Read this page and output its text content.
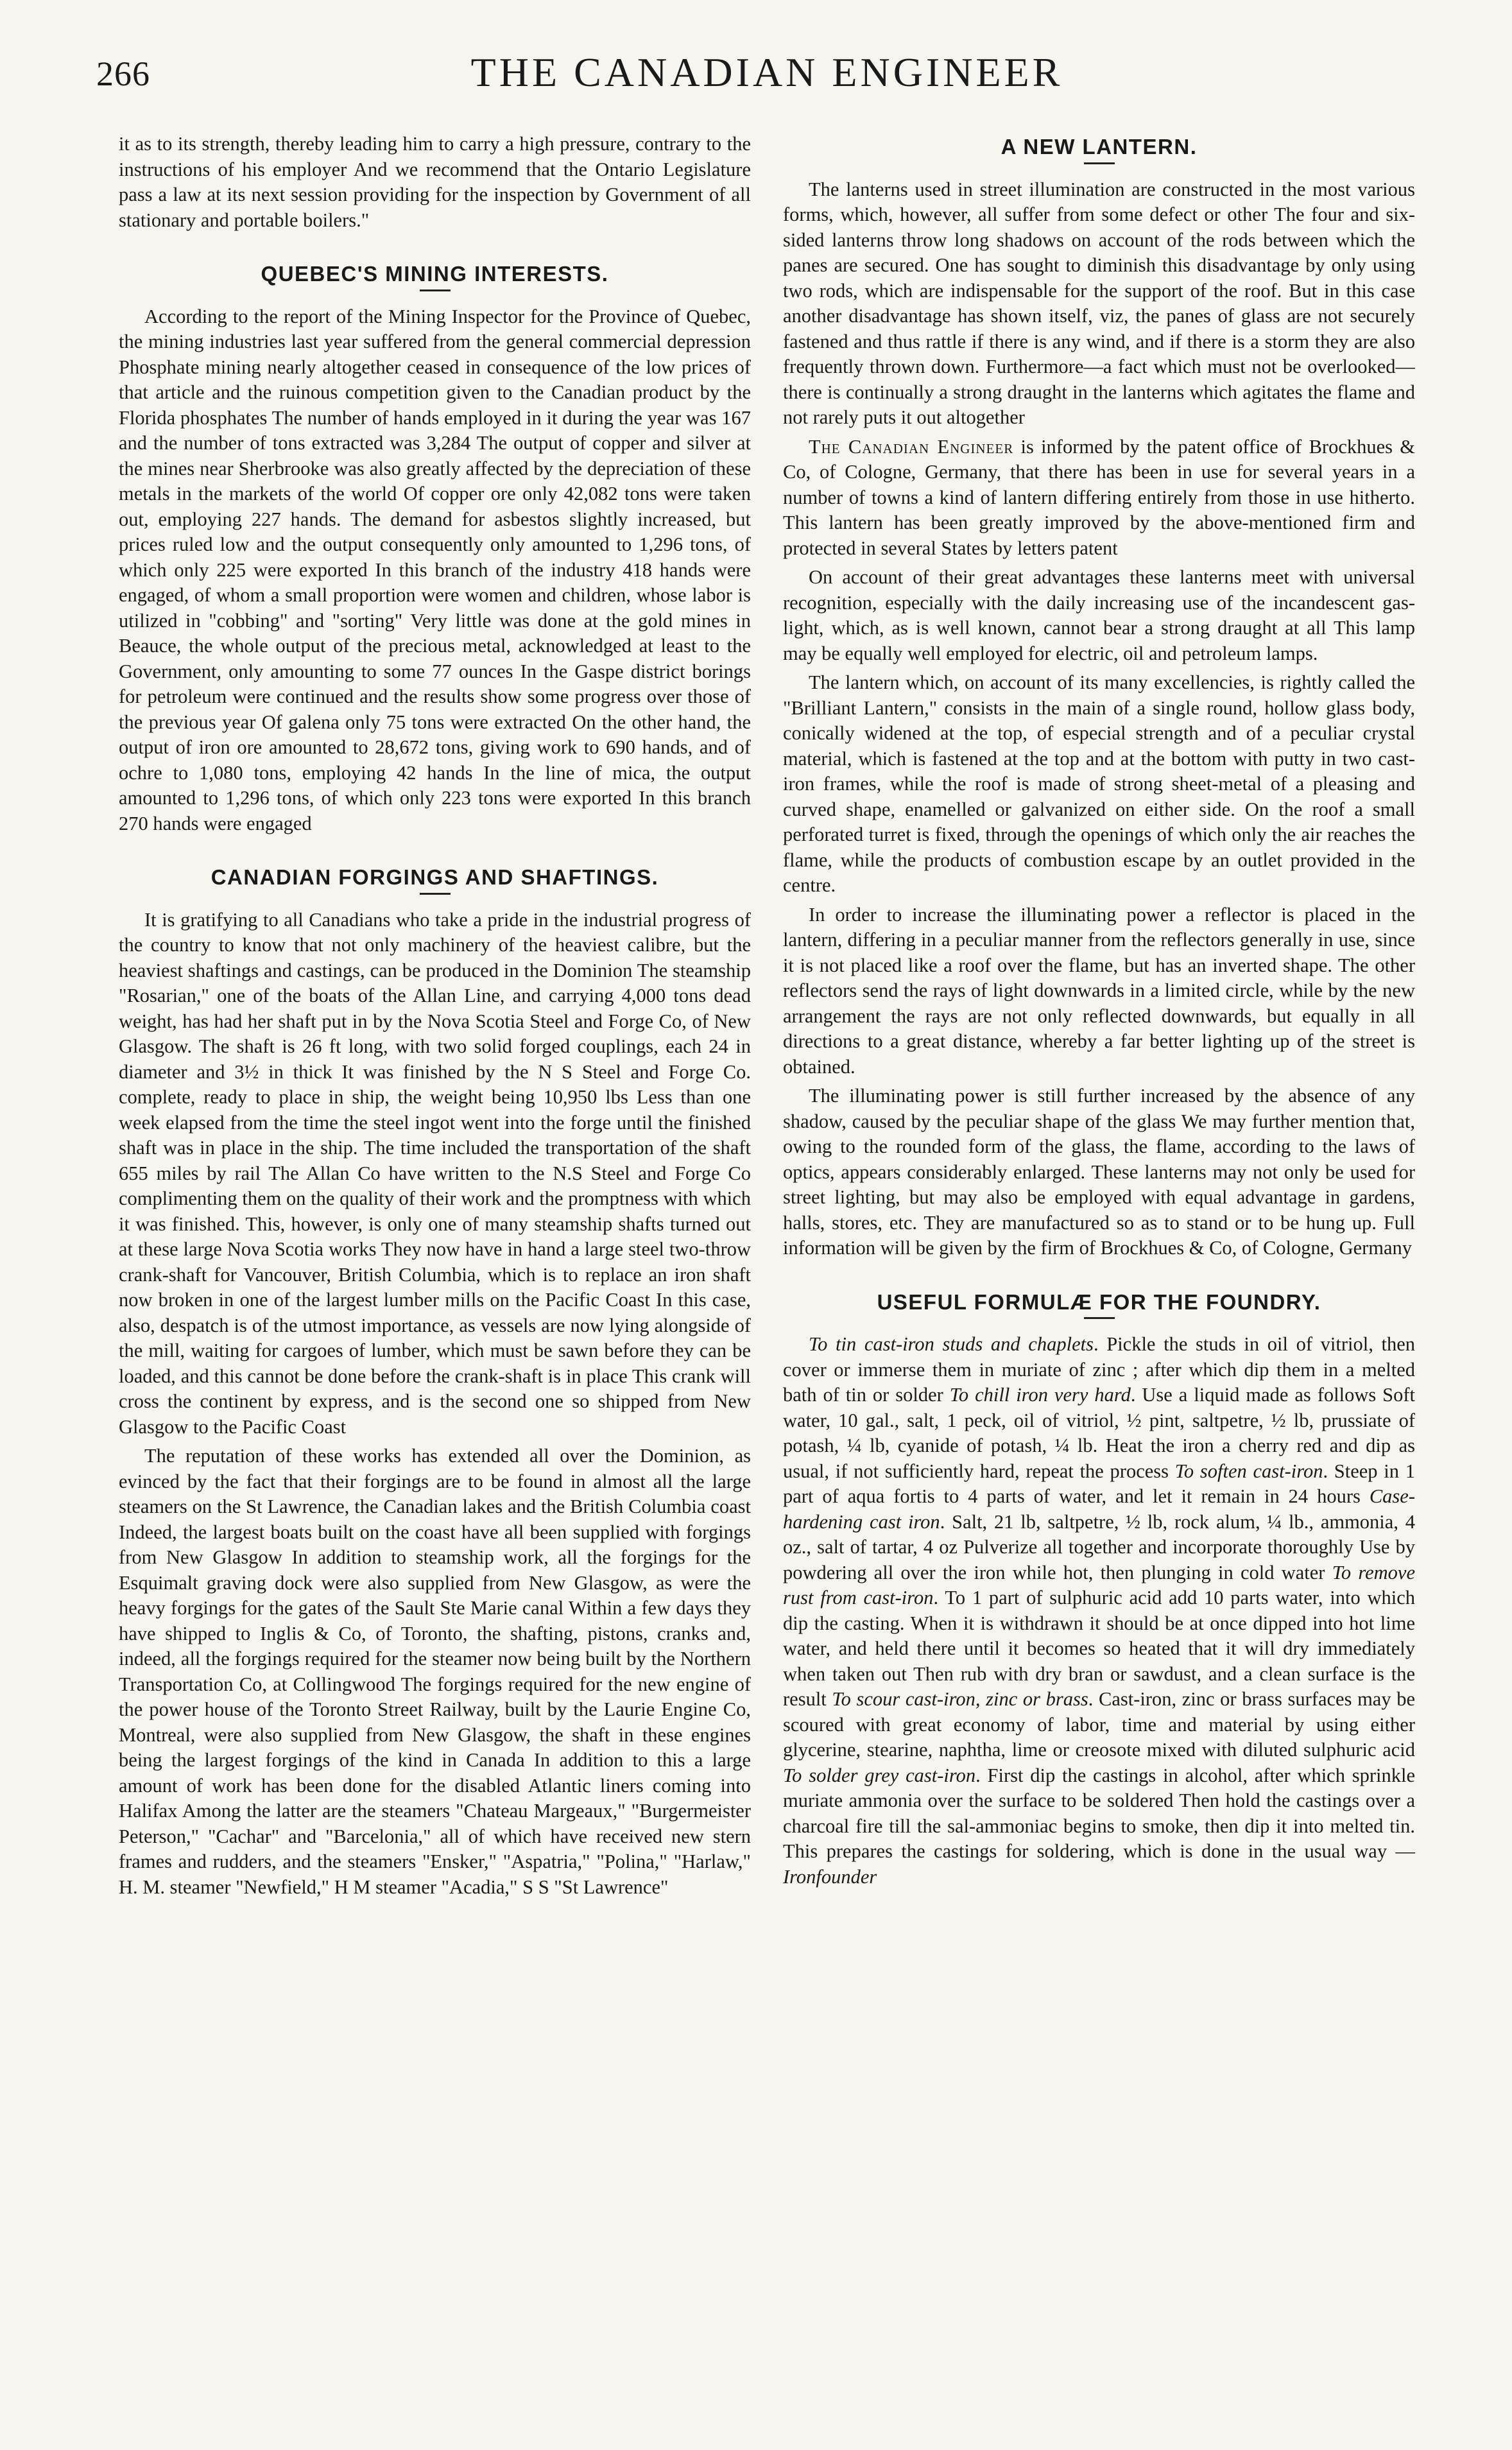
266	THE CANADIAN ENGINEER

it as to its strength, thereby leading him to carry a high pressure, contrary to the instructions of his employer And we recommend that the Ontario Legislature pass a law at its next session providing for the inspection by Government of all stationary and portable boilers."

QUEBEC'S MINING INTERESTS.

According to the report of the Mining Inspector for the Province of Quebec, the mining industries last year suffered from the general commercial depression Phosphate mining nearly altogether ceased in consequence of the low prices of that article and the ruinous competition given to the Canadian product by the Florida phosphates The number of hands employed in it during the year was 167 and the number of tons extracted was 3,284 The output of copper and silver at the mines near Sherbrooke was also greatly affected by the depreciation of these metals in the markets of the world Of copper ore only 42,082 tons were taken out, employing 227 hands. The demand for asbestos slightly increased, but prices ruled low and the output consequently only amounted to 1,296 tons, of which only 225 were exported In this branch of the industry 418 hands were engaged, of whom a small proportion were women and children, whose labor is utilized in "cobbing" and "sorting" Very little was done at the gold mines in Beauce, the whole output of the precious metal, acknowledged at least to the Government, only amounting to some 77 ounces In the Gaspe district borings for petroleum were continued and the results show some progress over those of the previous year Of galena only 75 tons were extracted On the other hand, the output of iron ore amounted to 28,672 tons, giving work to 690 hands, and of ochre to 1,080 tons, employing 42 hands In the line of mica, the output amounted to 1,296 tons, of which only 223 tons were exported In this branch 270 hands were engaged

CANADIAN FORGINGS AND SHAFTINGS.

It is gratifying to all Canadians who take a pride in the industrial progress of the country to know that not only machinery of the heaviest calibre, but the heaviest shaftings and castings, can be produced in the Dominion The steamship "Rosarian," one of the boats of the Allan Line, and carrying 4,000 tons dead weight, has had her shaft put in by the Nova Scotia Steel and Forge Co, of New Glasgow. The shaft is 26 ft long, with two solid forged couplings, each 24 in diameter and 3½ in thick It was finished by the N S Steel and Forge Co. complete, ready to place in ship, the weight being 10,950 lbs Less than one week elapsed from the time the steel ingot went into the forge until the finished shaft was in place in the ship. The time included the transportation of the shaft 655 miles by rail The Allan Co have written to the N.S Steel and Forge Co complimenting them on the quality of their work and the promptness with which it was finished. This, however, is only one of many steamship shafts turned out at these large Nova Scotia works They now have in hand a large steel two-throw crank-shaft for Vancouver, British Columbia, which is to replace an iron shaft now broken in one of the largest lumber mills on the Pacific Coast In this case, also, despatch is of the utmost importance, as vessels are now lying alongside of the mill, waiting for cargoes of lumber, which must be sawn before they can be loaded, and this cannot be done before the crank-shaft is in place This crank will cross the continent by express, and is the second one so shipped from New Glasgow to the Pacific Coast

The reputation of these works has extended all over the Dominion, as evinced by the fact that their forgings are to be found in almost all the large steamers on the St Lawrence, the Canadian lakes and the British Columbia coast Indeed, the largest boats built on the coast have all been supplied with forgings from New Glasgow In addition to steamship work, all the forgings for the Esquimalt graving dock were also supplied from New Glasgow, as were the heavy forgings for the gates of the Sault Ste Marie canal Within a few days they have shipped to Inglis & Co, of Toronto, the shafting, pistons, cranks and, indeed, all the forgings required for the steamer now being built by the Northern Transportation Co, at Collingwood The forgings required for the new engine of the power house of the Toronto Street Railway, built by the Laurie Engine Co, Montreal, were also supplied from New Glasgow, the shaft in these engines being the largest forgings of the kind in Canada In addition to this a large amount of work has been done for the disabled Atlantic liners coming into Halifax Among the latter are the steamers "Chateau Margeaux," "Burgermeister Peterson," "Cachar" and "Barcelonia," all of which have received new stern frames and rudders, and the steamers "Ensker," "Aspatria," "Polina," "Harlaw," H. M. steamer "Newfield," H M steamer "Acadia," S S "St Lawrence"

A NEW LANTERN.

The lanterns used in street illumination are constructed in the most various forms, which, however, all suffer from some defect or other The four and six-sided lanterns throw long shadows on account of the rods between which the panes are secured. One has sought to diminish this disadvantage by only using two rods, which are indispensable for the support of the roof. But in this case another disadvantage has shown itself, viz, the panes of glass are not securely fastened and thus rattle if there is any wind, and if there is a storm they are also frequently thrown down. Furthermore—a fact which must not be overlooked—there is continually a strong draught in the lanterns which agitates the flame and not rarely puts it out altogether

The Canadian Engineer is informed by the patent office of Brockhues & Co, of Cologne, Germany, that there has been in use for several years in a number of towns a kind of lantern differing entirely from those in use hitherto. This lantern has been greatly improved by the above-mentioned firm and protected in several States by letters patent

On account of their great advantages these lanterns meet with universal recognition, especially with the daily increasing use of the incandescent gas-light, which, as is well known, cannot bear a strong draught at all This lamp may be equally well employed for electric, oil and petroleum lamps.

The lantern which, on account of its many excellencies, is rightly called the "Brilliant Lantern," consists in the main of a single round, hollow glass body, conically widened at the top, of especial strength and of a peculiar crystal material, which is fastened at the top and at the bottom with putty in two cast-iron frames, while the roof is made of strong sheet-metal of a pleasing and curved shape, enamelled or galvanized on either side. On the roof a small perforated turret is fixed, through the openings of which only the air reaches the flame, while the products of combustion escape by an outlet provided in the centre.

In order to increase the illuminating power a reflector is placed in the lantern, differing in a peculiar manner from the reflectors generally in use, since it is not placed like a roof over the flame, but has an inverted shape. The other reflectors send the rays of light downwards in a limited circle, while by the new arrangement the rays are not only reflected downwards, but equally in all directions to a great distance, whereby a far better lighting up of the street is obtained.

The illuminating power is still further increased by the absence of any shadow, caused by the peculiar shape of the glass We may further mention that, owing to the rounded form of the glass, the flame, according to the laws of optics, appears considerably enlarged. These lanterns may not only be used for street lighting, but may also be employed with equal advantage in gardens, halls, stores, etc. They are manufactured so as to stand or to be hung up. Full information will be given by the firm of Brockhues & Co, of Cologne, Germany

USEFUL FORMULÆ FOR THE FOUNDRY.

To tin cast-iron studs and chaplets. Pickle the studs in oil of vitriol, then cover or immerse them in muriate of zinc ; after which dip them in a melted bath of tin or solder To chill iron very hard. Use a liquid made as follows Soft water, 10 gal., salt, 1 peck, oil of vitriol, ½ pint, saltpetre, ½ lb, prussiate of potash, ¼ lb, cyanide of potash, ¼ lb. Heat the iron a cherry red and dip as usual, if not sufficiently hard, repeat the process To soften cast-iron. Steep in 1 part of aqua fortis to 4 parts of water, and let it remain in 24 hours Case-hardening cast iron. Salt, 21 lb, saltpetre, ½ lb, rock alum, ¼ lb., ammonia, 4 oz., salt of tartar, 4 oz Pulverize all together and incorporate thoroughly Use by powdering all over the iron while hot, then plunging in cold water To remove rust from cast-iron. To 1 part of sulphuric acid add 10 parts water, into which dip the casting. When it is withdrawn it should be at once dipped into hot lime water, and held there until it becomes so heated that it will dry immediately when taken out Then rub with dry bran or sawdust, and a clean surface is the result To scour cast-iron, zinc or brass. Cast-iron, zinc or brass surfaces may be scoured with great economy of labor, time and material by using either glycerine, stearine, naphtha, lime or creosote mixed with diluted sulphuric acid To solder grey cast-iron. First dip the castings in alcohol, after which sprinkle muriate ammonia over the surface to be soldered Then hold the castings over a charcoal fire till the sal-ammoniac begins to smoke, then dip it into melted tin. This prepares the castings for soldering, which is done in the usual way —Ironfounder
